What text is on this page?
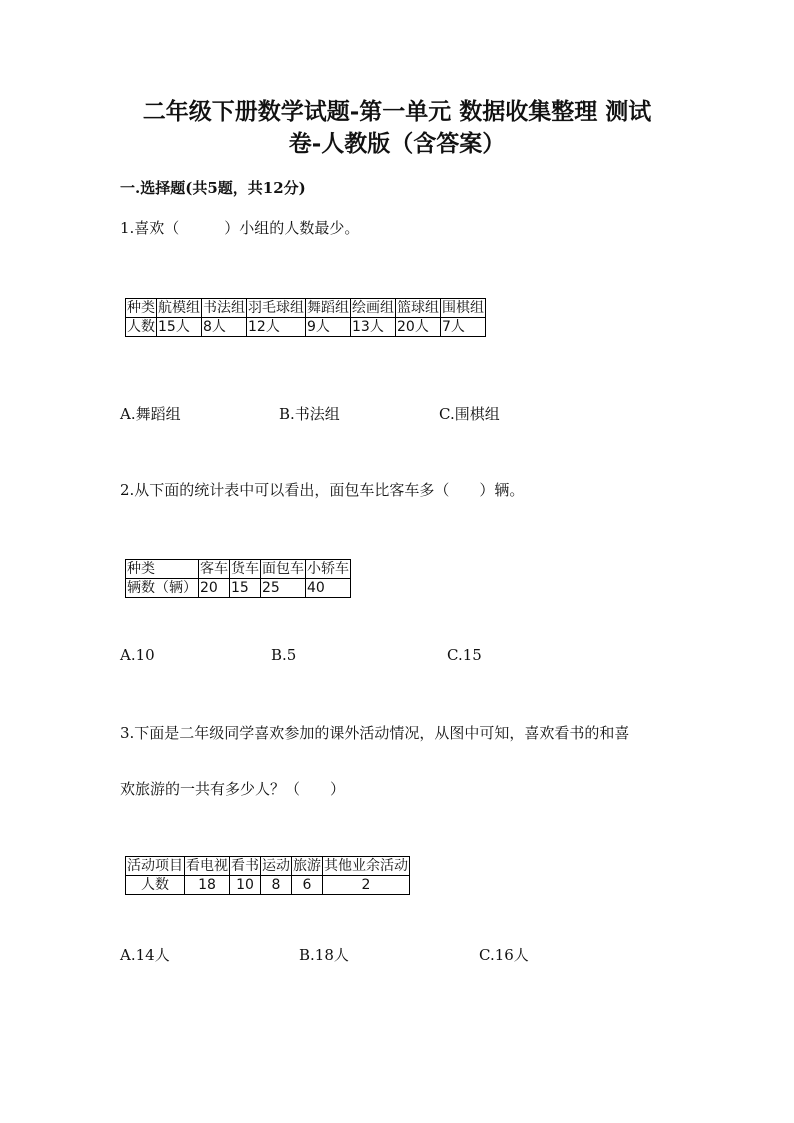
二年级下册数学试题-第一单元 数据收集整理 测试
卷-人教版（含答案）
一.选择题(共5题，共12分)
1.喜欢（　　　）小组的人数最少。
种类	航模组	书法组	羽毛球组	舞蹈组	绘画组	篮球组	围棋组
人数	15人	8人	12人	9人	13人	20人	7人
A.舞蹈组	B.书法组	C.围棋组
2.从下面的统计表中可以看出，面包车比客车多（　　）辆。
种类	客车	货车	面包车	小轿车
辆数（辆）	20	15	25	40
A.10	B.5	C.15
3.下面是二年级同学喜欢参加的课外活动情况，从图中可知，喜欢看书的和喜
欢旅游的一共有多少人？（　　）
活动项目	看电视	看书	运动	旅游	其他业余活动
人数	18	10	8	6	2
A.14人	B.18人	C.16人
